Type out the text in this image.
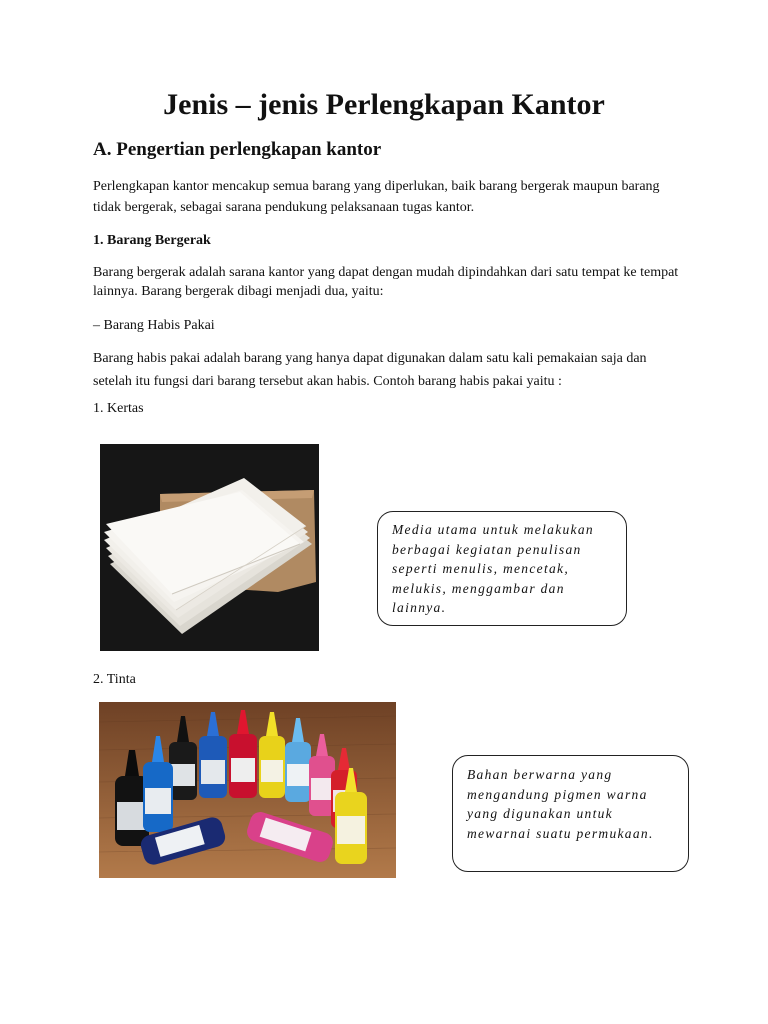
Jenis – jenis Perlengkapan Kantor
A. Pengertian perlengkapan kantor

Perlengkapan kantor mencakup semua barang yang diperlukan, baik barang bergerak maupun barang tidak bergerak, sebagai sarana pendukung pelaksanaan tugas kantor.

1. Barang Bergerak

Barang bergerak adalah sarana kantor yang dapat dengan mudah dipindahkan dari satu tempat ke tempat lainnya. Barang bergerak dibagi menjadi dua, yaitu:

– Barang Habis Pakai

Barang habis pakai adalah barang yang hanya dapat digunakan dalam satu kali pemakaian saja dan setelah itu fungsi dari barang tersebut akan habis. Contoh barang habis pakai yaitu :

1. Kertas

Media utama untuk melakukan berbagai kegiatan penulisan seperti menulis, mencetak, melukis, menggambar dan lainnya.

2. Tinta

Bahan berwarna yang mengandung pigmen warna yang digunakan untuk mewarnai suatu permukaan.
